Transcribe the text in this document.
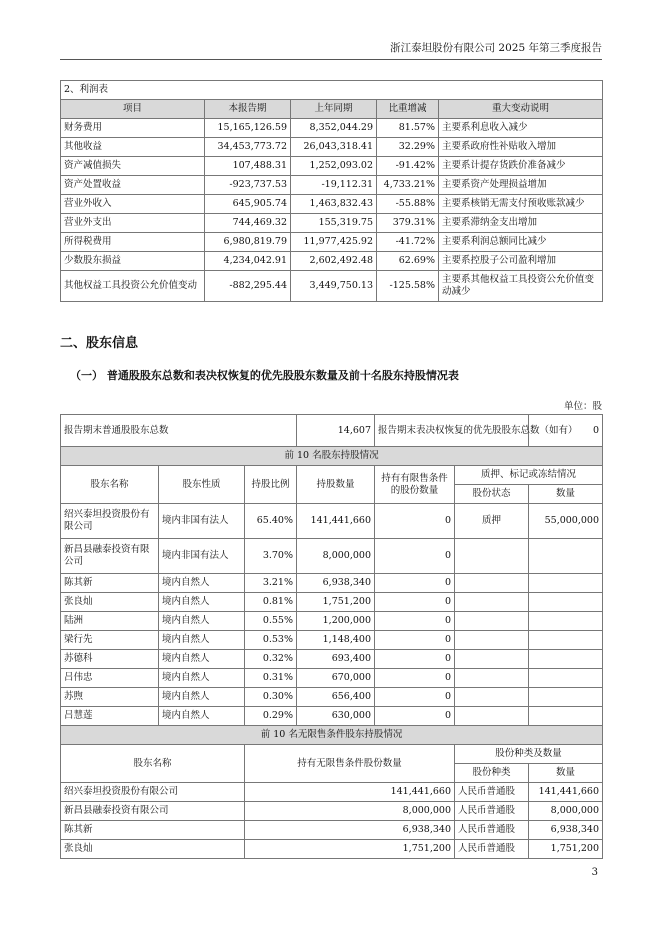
浙江泰坦股份有限公司 2025 年第三季度报告
2、利润表				
项目	本报告期	上年同期	比重增减	重大变动说明
财务费用	15,165,126.59	8,352,044.29	81.57%	主要系利息收入减少
其他收益	34,453,773.72	26,043,318.41	32.29%	主要系政府性补贴收入增加
资产减值损失	107,488.31	1,252,093.02	-91.42%	主要系计提存货跌价准备减少
资产处置收益	-923,737.53	-19,112.31	4,733.21%	主要系资产处理损益增加
营业外收入	645,905.74	1,463,832.43	-55.88%	主要系核销无需支付预收账款减少
营业外支出	744,469.32	155,319.75	379.31%	主要系滞纳金支出增加
所得税费用	6,980,819.79	11,977,425.92	-41.72%	主要系利润总额同比减少
少数股东损益	4,234,042.91	2,602,492.48	62.69%	主要系控股子公司盈利增加
其他权益工具投资公允价值变动	-882,295.44	3,449,750.13	-125.58%	主要系其他权益工具投资公允价值变动减少
二、股东信息
（一） 普通股股东总数和表决权恢复的优先股股东数量及前十名股东持股情况表
单位：股
报告期末普通股股东总数			14,607	报告期末表决权恢复的优先股股东总数（如有）		0
前 10 名股东持股情况						
股东名称	股东性质	持股比例	持股数量	持有有限售条件的股份数量	质押、标记或冻结情况	
					股份状态	数量
绍兴泰坦投资股份有限公司	境内非国有法人	65.40%	141,441,660	0	质押	55,000,000
新昌县融泰投资有限公司	境内非国有法人	3.70%	8,000,000	0		
陈其新	境内自然人	3.21%	6,938,340	0		
张良灿	境内自然人	0.81%	1,751,200	0		
陆洲	境内自然人	0.55%	1,200,000	0		
梁行先	境内自然人	0.53%	1,148,400	0		
苏德科	境内自然人	0.32%	693,400	0		
吕伟忠	境内自然人	0.31%	670,000	0		
苏煦	境内自然人	0.30%	656,400	0		
吕慧莲	境内自然人	0.29%	630,000	0		
前 10 名无限售条件股东持股情况						
股东名称		持有无限售条件股份数量			股份种类及数量	
					股份种类	数量
绍兴泰坦投资股份有限公司		141,441,660			人民币普通股	141,441,660
新昌县融泰投资有限公司		8,000,000			人民币普通股	8,000,000
陈其新		6,938,340			人民币普通股	6,938,340
张良灿		1,751,200			人民币普通股	1,751,200
3
